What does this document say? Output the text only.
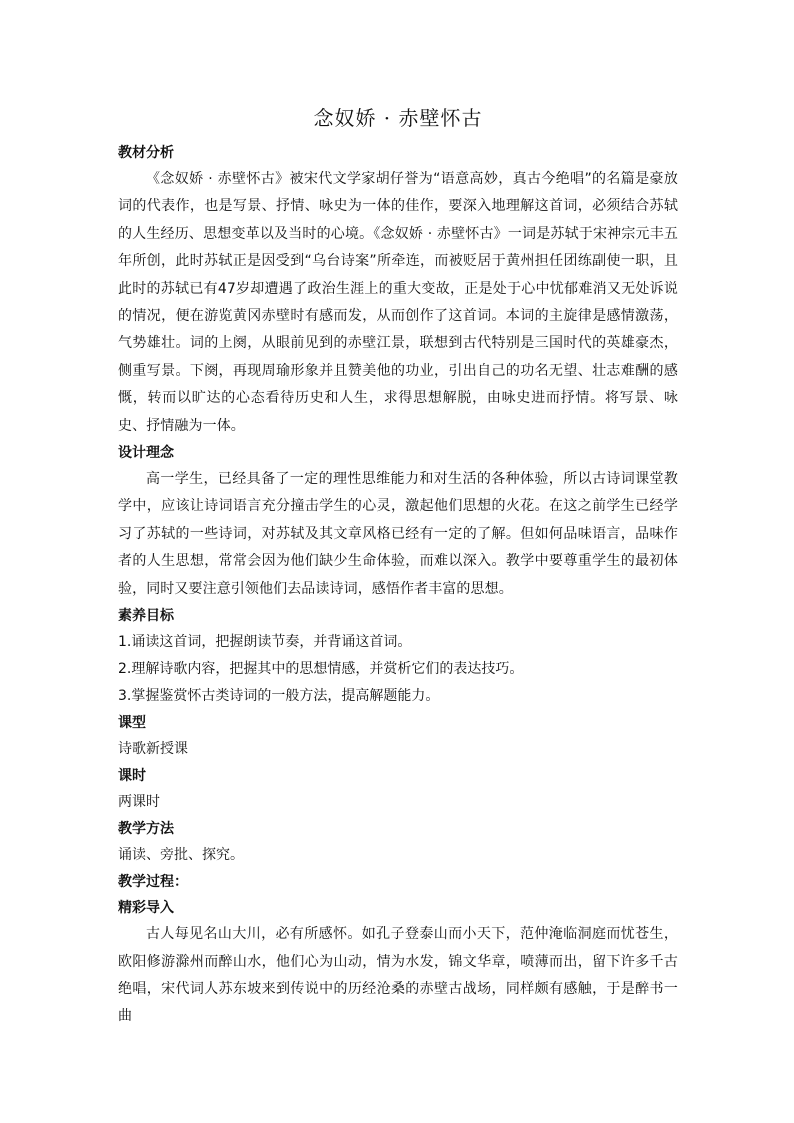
念奴娇 · 赤壁怀古

教材分析

《念奴娇 · 赤壁怀古》被宋代文学家胡仔誉为“语意高妙，真古今绝唱”的名篇是豪放词的代表作，也是写景、抒情、咏史为一体的佳作，要深入地理解这首词，必须结合苏轼的人生经历、思想变革以及当时的心境。《念奴娇 · 赤壁怀古》一词是苏轼于宋神宗元丰五年所创，此时苏轼正是因受到“乌台诗案”所牵连，而被贬居于黄州担任团练副使一职，且此时的苏轼已有47岁却遭遇了政治生涯上的重大变故，正是处于心中忧郁难消又无处诉说的情况，便在游览黄冈赤壁时有感而发，从而创作了这首词。本词的主旋律是感情激荡，气势雄壮。词的上阕，从眼前见到的赤壁江景，联想到古代特别是三国时代的英雄豪杰，侧重写景。下阕，再现周瑜形象并且赞美他的功业，引出自己的功名无望、壮志难酬的感慨，转而以旷达的心态看待历史和人生，求得思想解脱，由咏史进而抒情。将写景、咏史、抒情融为一体。

设计理念

高一学生，已经具备了一定的理性思维能力和对生活的各种体验，所以古诗词课堂教学中，应该让诗词语言充分撞击学生的心灵，激起他们思想的火花。在这之前学生已经学习了苏轼的一些诗词，对苏轼及其文章风格已经有一定的了解。但如何品味语言，品味作者的人生思想，常常会因为他们缺少生命体验，而难以深入。教学中要尊重学生的最初体验，同时又要注意引领他们去品读诗词，感悟作者丰富的思想。

素养目标

1.诵读这首词，把握朗读节奏，并背诵这首词。

2.理解诗歌内容，把握其中的思想情感，并赏析它们的表达技巧。

3.掌握鉴赏怀古类诗词的一般方法，提高解题能力。

课型

诗歌新授课

课时

两课时

教学方法

诵读、旁批、探究。

教学过程：

精彩导入

古人每见名山大川，必有所感怀。如孔子登泰山而小天下，范仲淹临洞庭而忧苍生，欧阳修游滁州而醉山水，他们心为山动，情为水发，锦文华章，喷薄而出，留下许多千古绝唱，宋代词人苏东坡来到传说中的历经沧桑的赤壁古战场，同样颇有感触，于是醉书一曲
